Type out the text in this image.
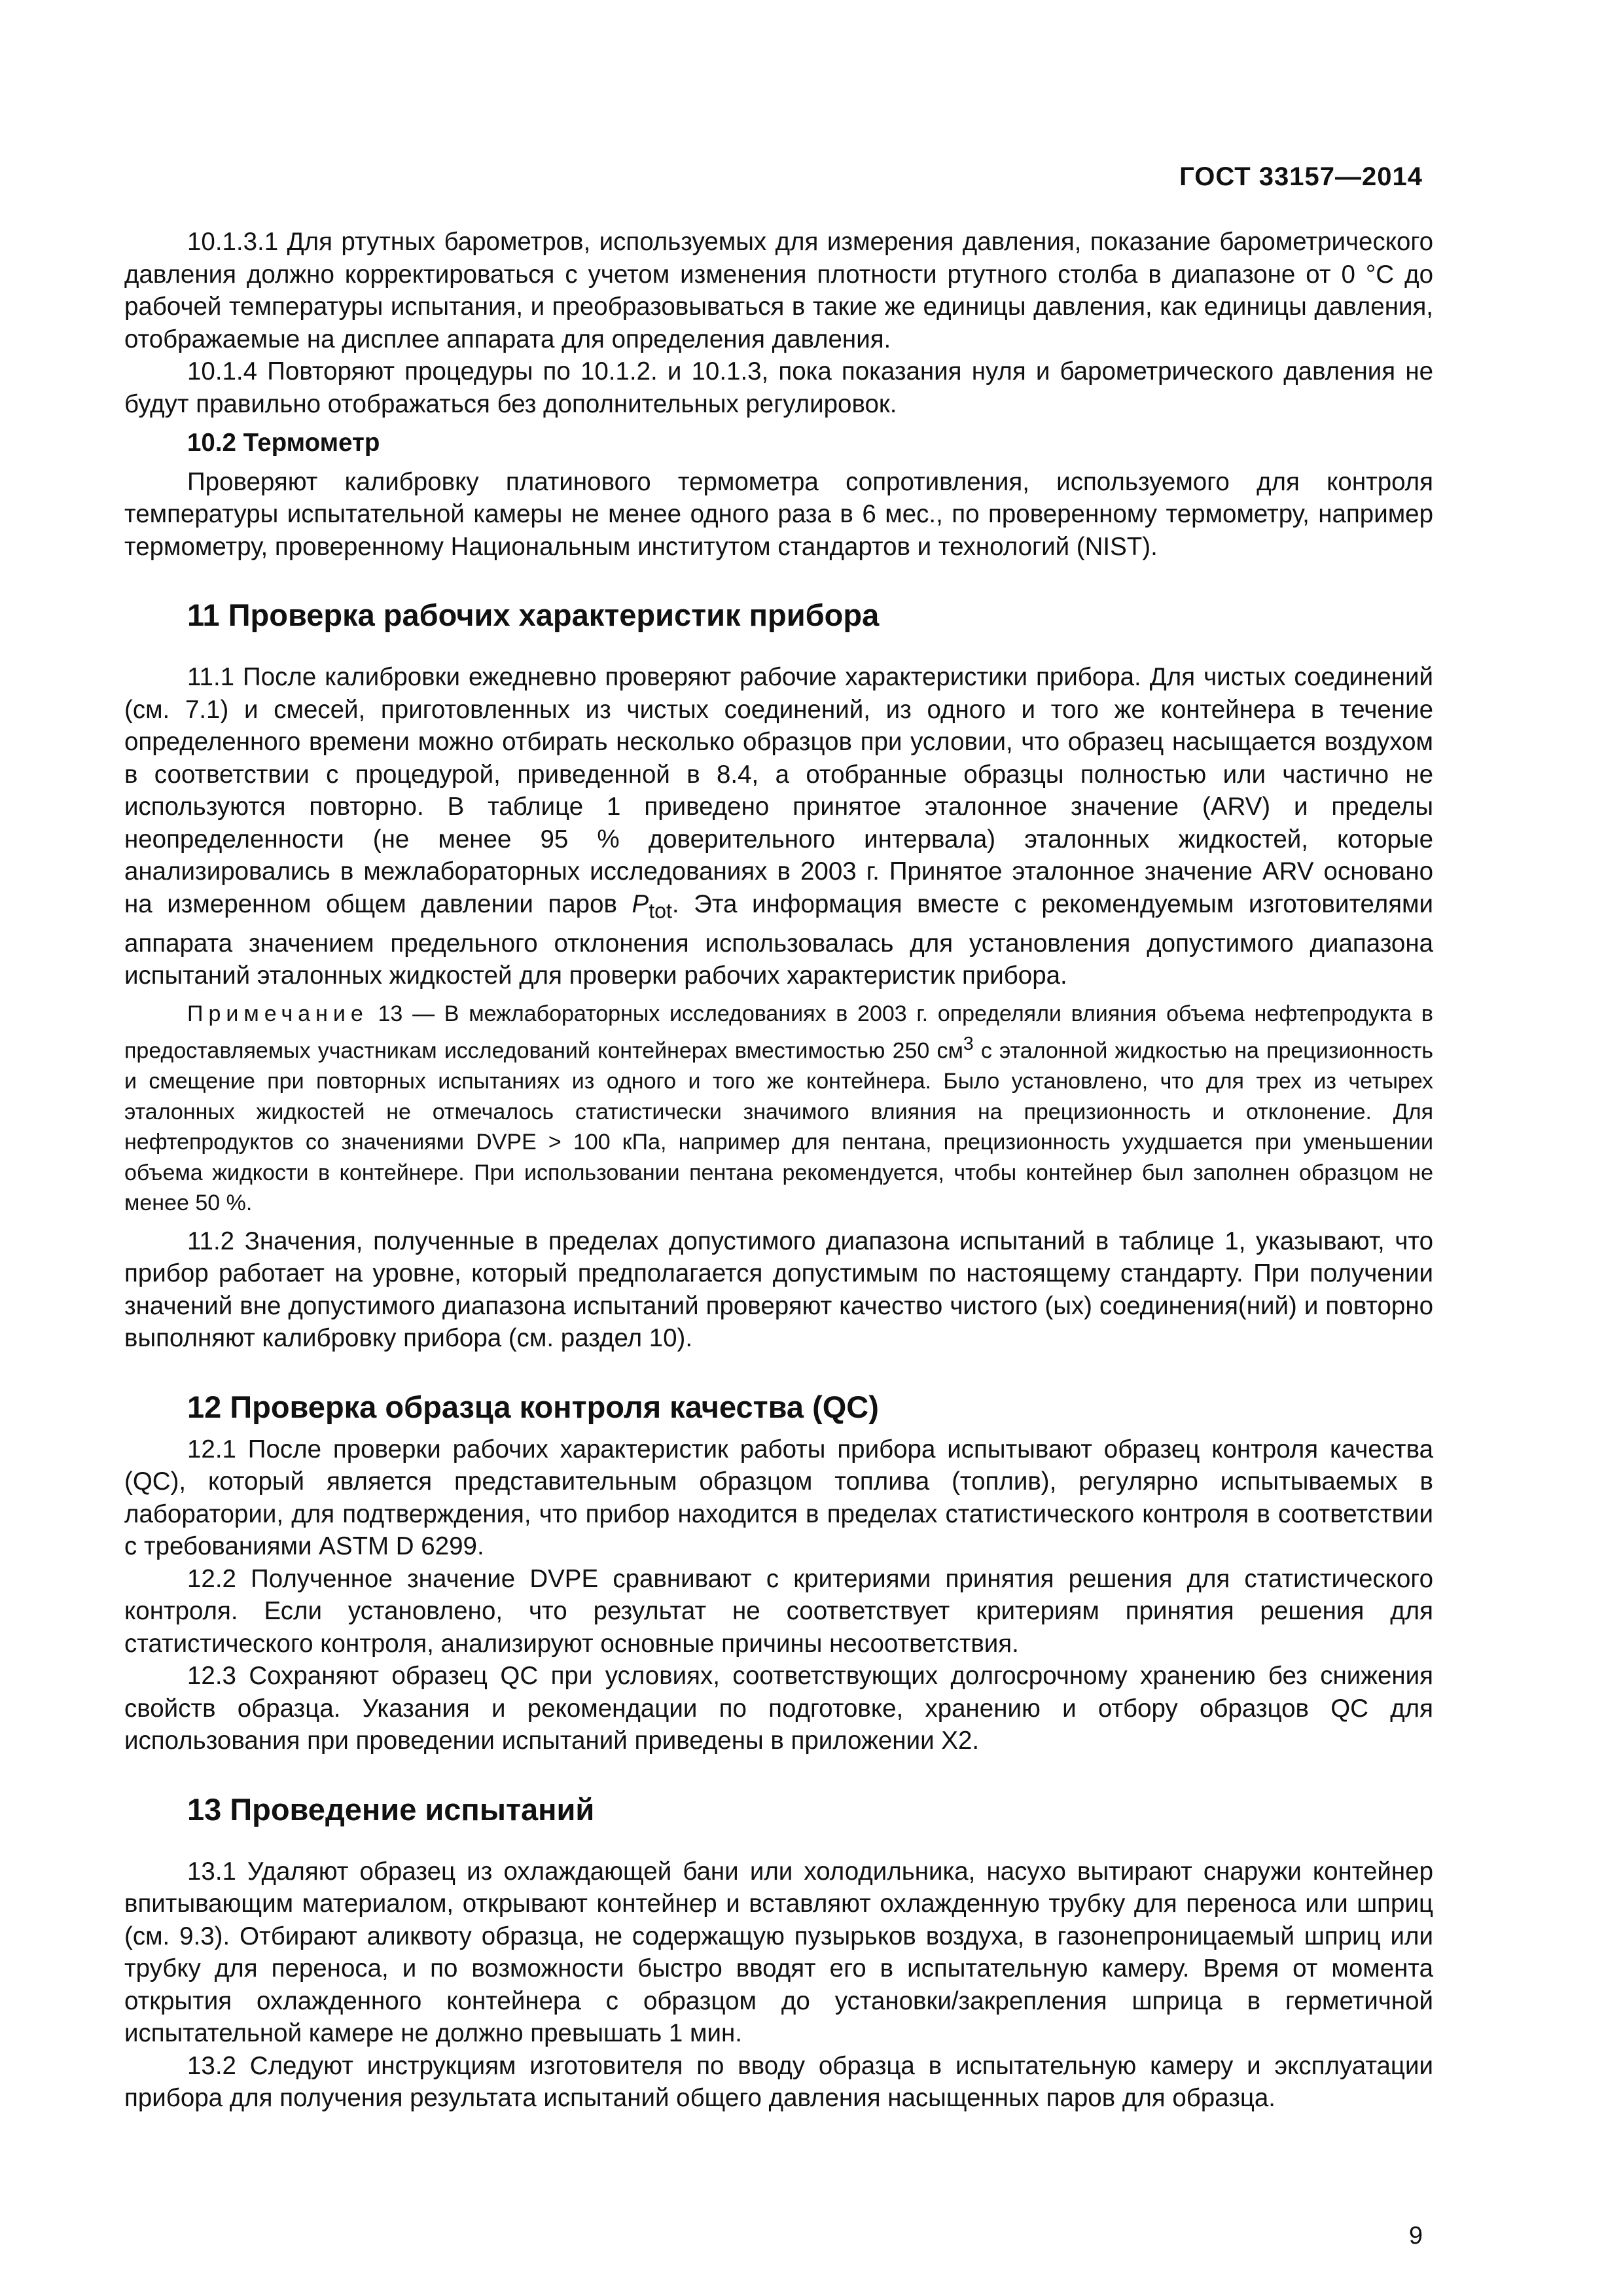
ГОСТ 33157—2014

10.1.3.1 Для ртутных барометров, используемых для измерения давления, показание барометрического давления должно корректироваться с учетом изменения плотности ртутного столба в диапазоне от 0 °С до рабочей температуры испытания, и преобразовываться в такие же единицы давления, как единицы давления, отображаемые на дисплее аппарата для определения давления.

10.1.4 Повторяют процедуры по 10.1.2. и 10.1.3, пока показания нуля и барометрического давления не будут правильно отображаться без дополнительных регулировок.

10.2 Термометр

Проверяют калибровку платинового термометра сопротивления, используемого для контроля температуры испытательной камеры не менее одного раза в 6 мес., по проверенному термометру, например термометру, проверенному Национальным институтом стандартов и технологий (NIST).

11 Проверка рабочих характеристик прибора

11.1 После калибровки ежедневно проверяют рабочие характеристики прибора. Для чистых соединений (см. 7.1) и смесей, приготовленных из чистых соединений, из одного и того же контейнера в течение определенного времени можно отбирать несколько образцов при условии, что образец насыщается воздухом в соответствии с процедурой, приведенной в 8.4, а отобранные образцы полностью или частично не используются повторно. В таблице 1 приведено принятое эталонное значение (ARV) и пределы неопределенности (не менее 95 % доверительного интервала) эталонных жидкостей, которые анализировались в межлабораторных исследованиях в 2003 г. Принятое эталонное значение ARV основано на измеренном общем давлении паров $P_{tot}$. Эта информация вместе с рекомендуемым изготовителями аппарата значением предельного отклонения использовалась для установления допустимого диапазона испытаний эталонных жидкостей для проверки рабочих характеристик прибора.

Примечание 13 — В межлабораторных исследованиях в 2003 г. определяли влияния объема нефтепродукта в предоставляемых участникам исследований контейнерах вместимостью 250 $см^3$ с эталонной жидкостью на прецизионность и смещение при повторных испытаниях из одного и того же контейнера. Было установлено, что для трех из четырех эталонных жидкостей не отмечалось статистически значимого влияния на прецизионность и отклонение. Для нефтепродуктов со значениями DVPE > 100 кПа, например для пентана, прецизионность ухудшается при уменьшении объема жидкости в контейнере. При использовании пентана рекомендуется, чтобы контейнер был заполнен образцом не менее 50 %.

11.2 Значения, полученные в пределах допустимого диапазона испытаний в таблице 1, указывают, что прибор работает на уровне, который предполагается допустимым по настоящему стандарту. При получении значений вне допустимого диапазона испытаний проверяют качество чистого (ых) соединения(ний) и повторно выполняют калибровку прибора (см. раздел 10).

12 Проверка образца контроля качества (QC)

12.1 После проверки рабочих характеристик работы прибора испытывают образец контроля качества (QC), который является представительным образцом топлива (топлив), регулярно испытываемых в лаборатории, для подтверждения, что прибор находится в пределах статистического контроля в соответствии с требованиями ASTM D 6299.

12.2 Полученное значение DVPE сравнивают с критериями принятия решения для статистического контроля. Если установлено, что результат не соответствует критериям принятия решения для статистического контроля, анализируют основные причины несоответствия.

12.3 Сохраняют образец QC при условиях, соответствующих долгосрочному хранению без снижения свойств образца. Указания и рекомендации по подготовке, хранению и отбору образцов QC для использования при проведении испытаний приведены в приложении Х2.

13 Проведение испытаний

13.1 Удаляют образец из охлаждающей бани или холодильника, насухо вытирают снаружи контейнер впитывающим материалом, открывают контейнер и вставляют охлажденную трубку для переноса или шприц (см. 9.3). Отбирают аликвоту образца, не содержащую пузырьков воздуха, в газонепроницаемый шприц или трубку для переноса, и по возможности быстро вводят его в испытательную камеру. Время от момента открытия охлажденного контейнера с образцом до установки/закрепления шприца в герметичной испытательной камере не должно превышать 1 мин.

13.2 Следуют инструкциям изготовителя по вводу образца в испытательную камеру и эксплуатации прибора для получения результата испытаний общего давления насыщенных паров для образца.

9
